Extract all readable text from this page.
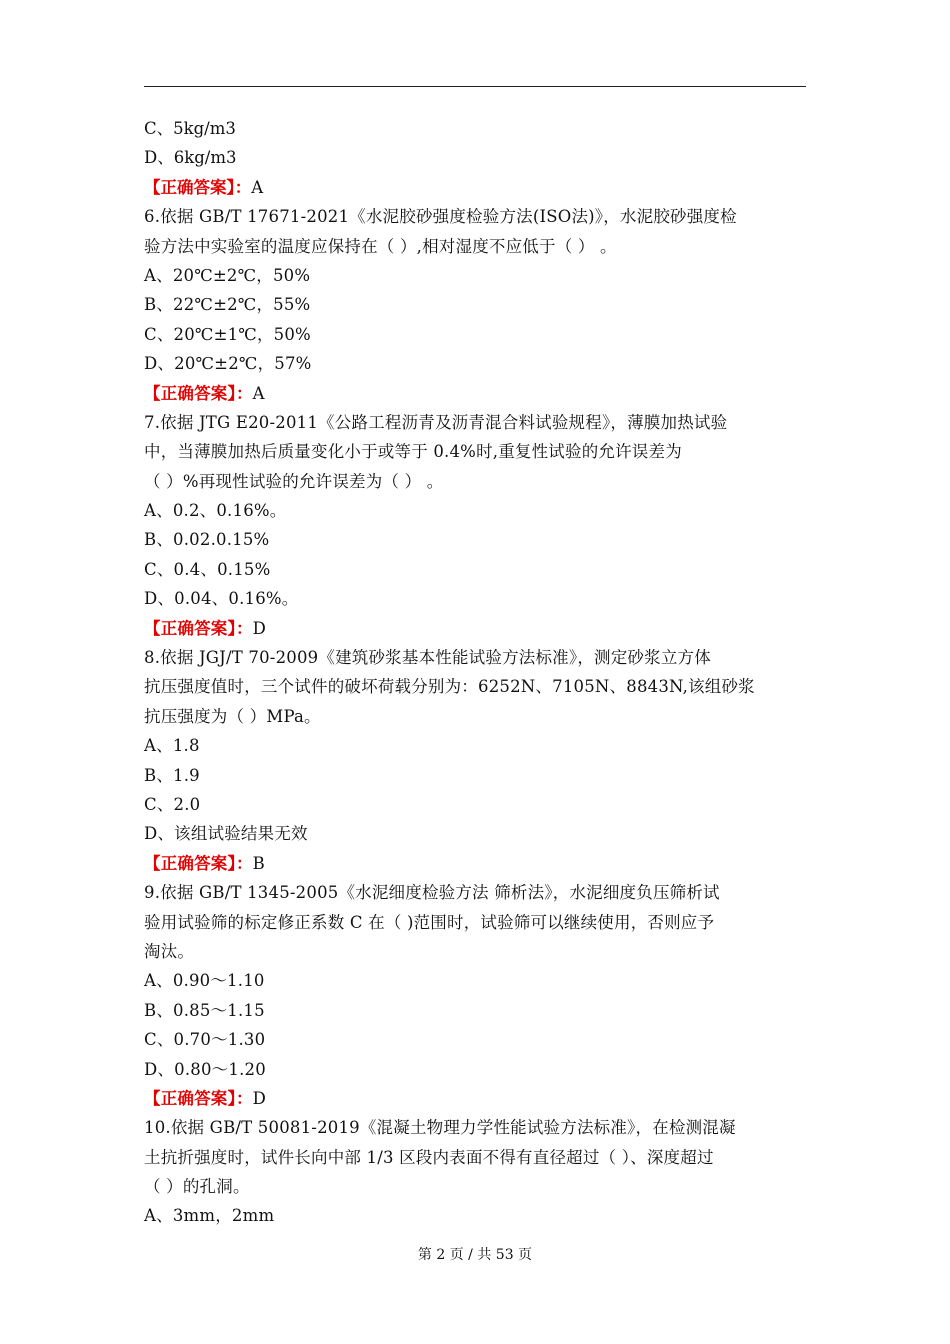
C、5kg/m3
D、6kg/m3
【正确答案】：A
6.依据 GB/T 17671-2021《水泥胶砂强度检验方法(ISO法)》，水泥胶砂强度检
验方法中实验室的温度应保持在（ ）,相对湿度不应低于（ ） 。
A、20℃±2℃，50%
B、22℃±2℃，55%
C、20℃±1℃，50%
D、20℃±2℃，57%
【正确答案】：A
7.依据 JTG E20-2011《公路工程沥青及沥青混合料试验规程》，薄膜加热试验
中，当薄膜加热后质量变化小于或等于 0.4%时,重复性试验的允许误差为
（ ）%再现性试验的允许误差为（ ） 。
A、0.2、0.16%。
B、0.02.0.15%
C、0.4、0.15%
D、0.04、0.16%。
【正确答案】：D
8.依据 JGJ/T 70-2009《建筑砂浆基本性能试验方法标准》，测定砂浆立方体
抗压强度值时，三个试件的破坏荷载分别为：6252N、7105N、8843N,该组砂浆
抗压强度为（ ）MPa。
A、1.8
B、1.9
C、2.0
D、该组试验结果无效
【正确答案】：B
9.依据 GB/T 1345-2005《水泥细度检验方法 筛析法》，水泥细度负压筛析试
验用试验筛的标定修正系数 C 在（ )范围时，试验筛可以继续使用，否则应予
淘汰。
A、0.90～1.10
B、0.85～1.15
C、0.70～1.30
D、0.80～1.20
【正确答案】：D
10.依据 GB/T 50081-2019《混凝土物理力学性能试验方法标准》，在检测混凝
土抗折强度时，试件长向中部 1/3 区段内表面不得有直径超过（ ）、深度超过
（ ）的孔洞。
A、3mm，2mm
第 2 页 / 共 53 页
